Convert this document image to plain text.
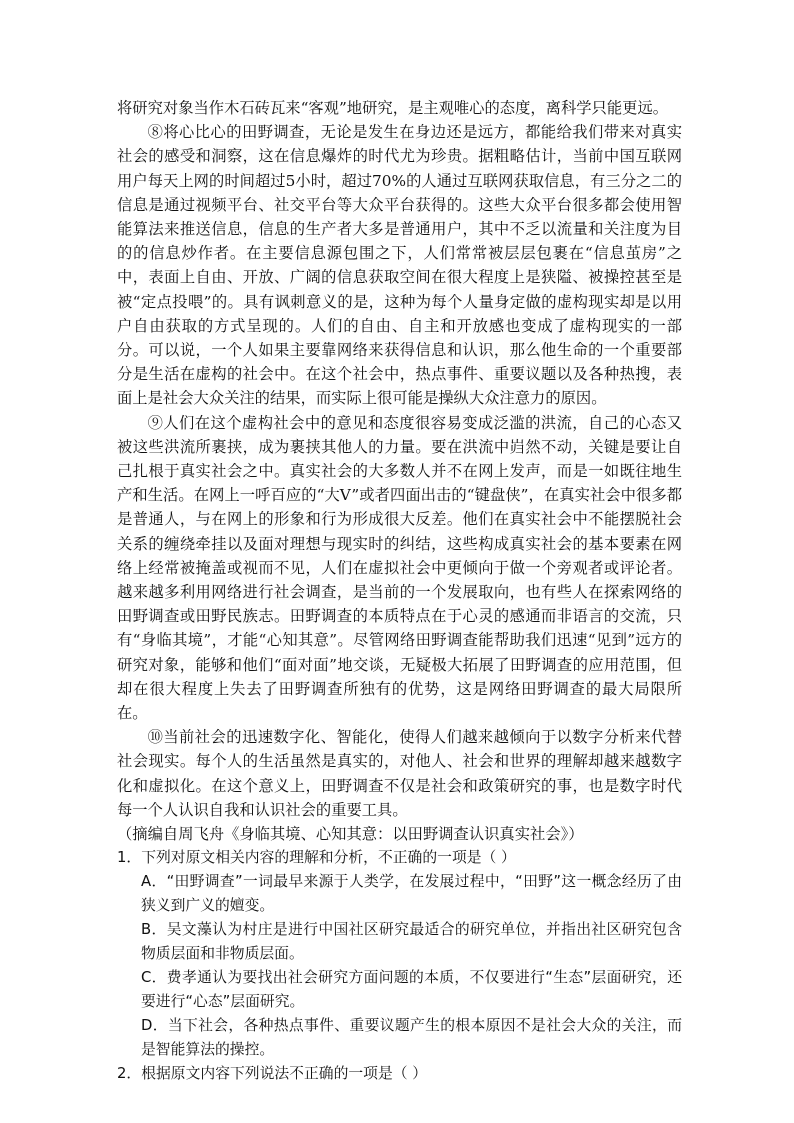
将研究对象当作木石砖瓦来“客观”地研究，是主观唯心的态度，离科学只能更远。

⑧将心比心的田野调查，无论是发生在身边还是远方，都能给我们带来对真实社会的感受和洞察，这在信息爆炸的时代尤为珍贵。据粗略估计，当前中国互联网用户每天上网的时间超过5小时，超过70%的人通过互联网获取信息，有三分之二的信息是通过视频平台、社交平台等大众平台获得的。这些大众平台很多都会使用智能算法来推送信息，信息的生产者大多是普通用户，其中不乏以流量和关注度为目的的信息炒作者。在主要信息源包围之下，人们常常被层层包裹在“信息茧房”之中，表面上自由、开放、广阔的信息获取空间在很大程度上是狭隘、被操控甚至是被“定点投喂”的。具有讽刺意义的是，这种为每个人量身定做的虚构现实却是以用户自由获取的方式呈现的。人们的自由、自主和开放感也变成了虚构现实的一部分。可以说，一个人如果主要靠网络来获得信息和认识，那么他生命的一个重要部分是生活在虚构的社会中。在这个社会中，热点事件、重要议题以及各种热搜，表面上是社会大众关注的结果，而实际上很可能是操纵大众注意力的原因。

⑨人们在这个虚构社会中的意见和态度很容易变成泛滥的洪流，自己的心态又被这些洪流所裹挟，成为裹挟其他人的力量。要在洪流中岿然不动，关键是要让自己扎根于真实社会之中。真实社会的大多数人并不在网上发声，而是一如既往地生产和生活。在网上一呼百应的“大V”或者四面出击的“键盘侠”，在真实社会中很多都是普通人，与在网上的形象和行为形成很大反差。他们在真实社会中不能摆脱社会关系的缠绕牵挂以及面对理想与现实时的纠结，这些构成真实社会的基本要素在网络上经常被掩盖或视而不见，人们在虚拟社会中更倾向于做一个旁观者或评论者。越来越多利用网络进行社会调查，是当前的一个发展取向，也有些人在探索网络的田野调查或田野民族志。田野调查的本质特点在于心灵的感通而非语言的交流，只有“身临其境”，才能“心知其意”。尽管网络田野调查能帮助我们迅速“见到”远方的研究对象，能够和他们“面对面”地交谈，无疑极大拓展了田野调查的应用范围，但却在很大程度上失去了田野调查所独有的优势，这是网络田野调查的最大局限所在。

⑩当前社会的迅速数字化、智能化，使得人们越来越倾向于以数字分析来代替社会现实。每个人的生活虽然是真实的，对他人、社会和世界的理解却越来越数字化和虚拟化。在这个意义上，田野调查不仅是社会和政策研究的事，也是数字时代每一个人认识自我和认识社会的重要工具。

（摘编自周飞舟《身临其境、心知其意：以田野调查认识真实社会》）

1．下列对原文相关内容的理解和分析，不正确的一项是（ ）

A．“田野调查”一词最早来源于人类学，在发展过程中，“田野”这一概念经历了由狭义到广义的嬗变。

B．吴文藻认为村庄是进行中国社区研究最适合的研究单位，并指出社区研究包含物质层面和非物质层面。

C．费孝通认为要找出社会研究方面问题的本质，不仅要进行“生态”层面研究，还要进行“心态”层面研究。

D．当下社会，各种热点事件、重要议题产生的根本原因不是社会大众的关注，而是智能算法的操控。

2．根据原文内容下列说法不正确的一项是（ ）
